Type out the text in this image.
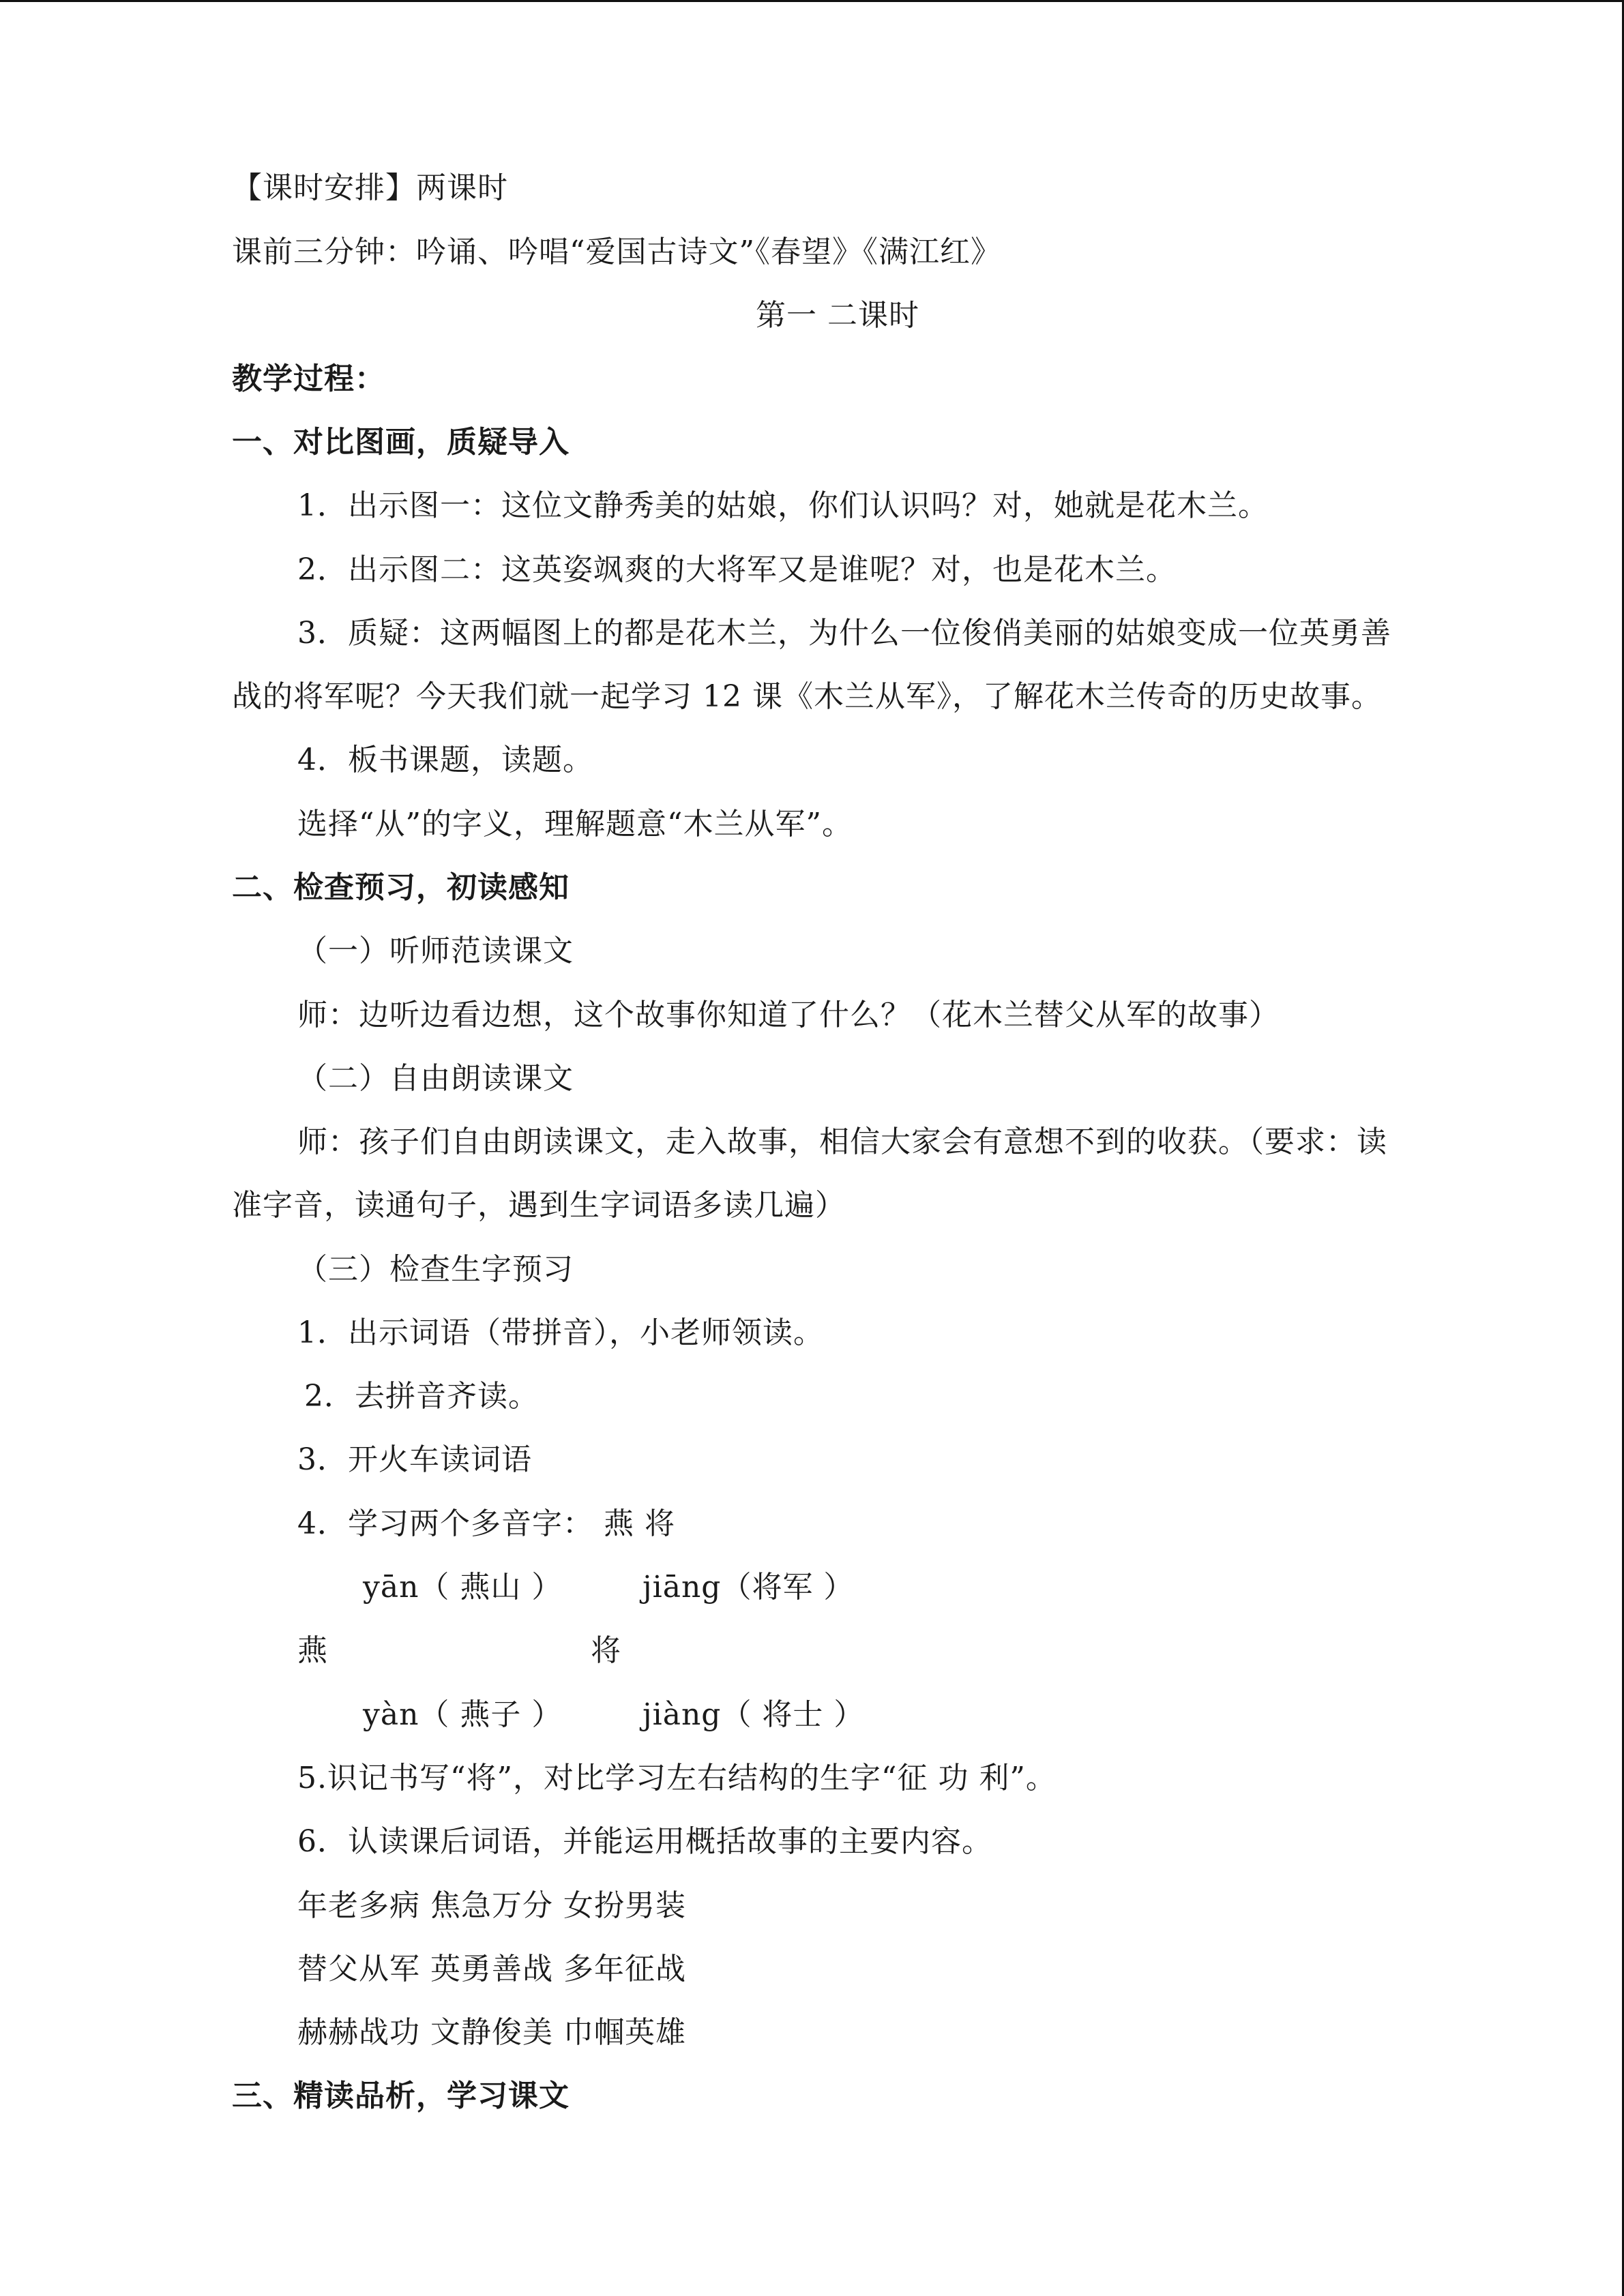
【课时安排】两课时
课前三分钟：吟诵、吟唱“爱国古诗文”《春望》《满江红》
第一 二课时
教学过程：
一、对比图画，质疑导入
1．出示图一：这位文静秀美的姑娘，你们认识吗？对，她就是花木兰。
2．出示图二：这英姿飒爽的大将军又是谁呢？对，也是花木兰。
3．质疑：这两幅图上的都是花木兰，为什么一位俊俏美丽的姑娘变成一位英勇善
战的将军呢？今天我们就一起学习 12 课《木兰从军》，了解花木兰传奇的历史故事。
4．板书课题，读题。
选择“从”的字义，理解题意“木兰从军”。
二、检查预习，初读感知
（一）听师范读课文
师：边听边看边想，这个故事你知道了什么？（花木兰替父从军的故事）
（二）自由朗读课文
师：孩子们自由朗读课文，走入故事，相信大家会有意想不到的收获。（要求：读
准字音，读通句子，遇到生字词语多读几遍）
（三）检查生字预习
1．出示词语（带拼音），小老师领读。
2．去拼音齐读。
3．开火车读词语
4．学习两个多音字： 燕 将
yān（ 燕山 ）	jiāng（将军 ）
燕	将
yàn（ 燕子 ）	jiàng（ 将士 ）
5.识记书写“将”，对比学习左右结构的生字“征 功 利”。
6．认读课后词语，并能运用概括故事的主要内容。
年老多病 焦急万分 女扮男装
替父从军 英勇善战 多年征战
赫赫战功 文静俊美 巾帼英雄
三、精读品析，学习课文
